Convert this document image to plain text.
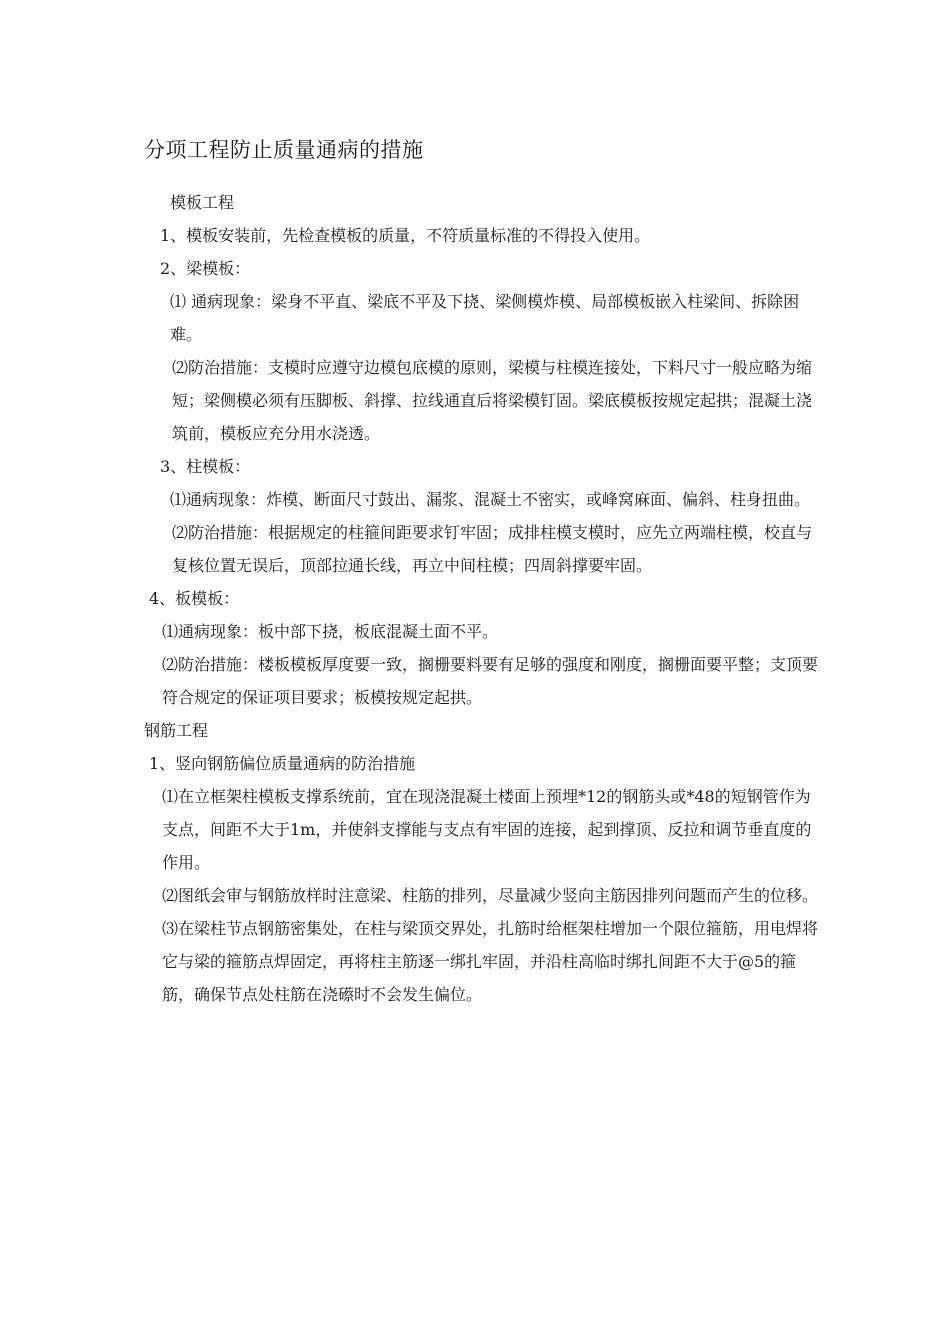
分项工程防止质量通病的措施

模板工程

1、模板安装前，先检查模板的质量，不符质量标准的不得投入使用。

2、梁模板：

⑴ 通病现象：梁身不平直、梁底不平及下挠、梁侧模炸模、局部模板嵌入柱梁间、拆除困难。

⑵防治措施：支模时应遵守边模包底模的原则，梁模与柱模连接处，下料尺寸一般应略为缩短；梁侧模必须有压脚板、斜撑、拉线通直后将梁模钉固。梁底模板按规定起拱；混凝土浇筑前，模板应充分用水浇透。

3、柱模板：

⑴通病现象：炸模、断面尺寸鼓出、漏浆、混凝土不密实，或峰窝麻面、偏斜、柱身扭曲。

⑵防治措施：根据规定的柱箍间距要求钉牢固；成排柱模支模时，应先立两端柱模，校直与复核位置无误后，顶部拉通长线，再立中间柱模；四周斜撑要牢固。

4、板模板：

⑴通病现象：板中部下挠，板底混凝土面不平。

⑵防治措施：楼板模板厚度要一致，搁栅要料要有足够的强度和刚度，搁栅面要平整；支顶要符合规定的保证项目要求；板模按规定起拱。

钢筋工程

1、竖向钢筋偏位质量通病的防治措施

⑴在立框架柱模板支撑系统前，宜在现浇混凝土楼面上预埋*12的钢筋头或*48的短钢管作为支点，间距不大于1m，并使斜支撑能与支点有牢固的连接，起到撑顶、反拉和调节垂直度的作用。

⑵图纸会审与钢筋放样时注意梁、柱筋的排列，尽量减少竖向主筋因排列问题而产生的位移。

⑶在梁柱节点钢筋密集处，在柱与梁顶交界处，扎筋时给框架柱增加一个限位箍筋，用电焊将它与梁的箍筋点焊固定，再将柱主筋逐一绑扎牢固，并沿柱高临时绑扎间距不大于@5的箍筋，确保节点处柱筋在浇礤时不会发生偏位。
